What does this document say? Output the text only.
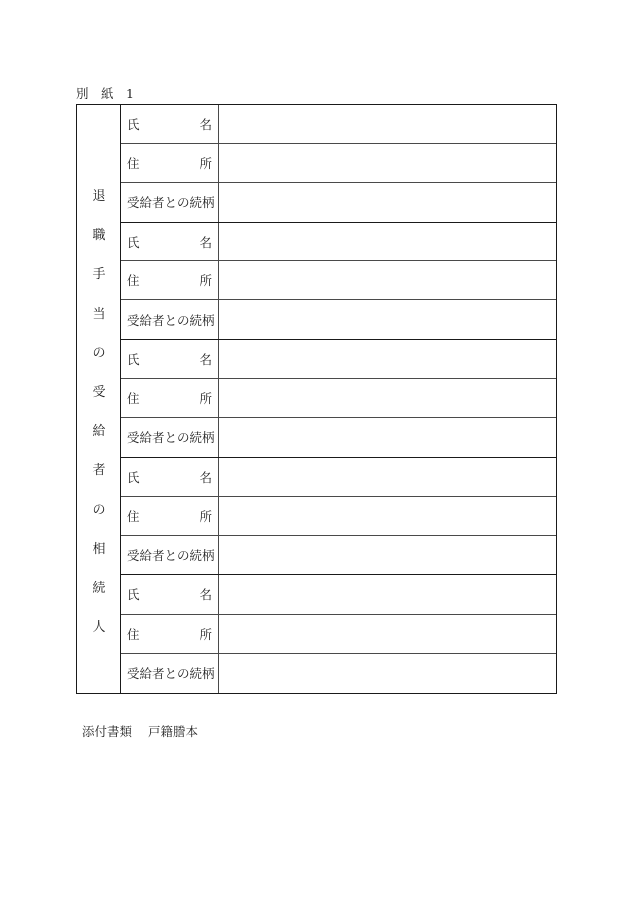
別　紙　1
退
職
手
当
の
受
給
者
の
相
続
人
氏	名
住	所
受給者との続柄
氏	名
住	所
受給者との続柄
氏	名
住	所
受給者との続柄
氏	名
住	所
受給者との続柄
氏	名
住	所
受給者との続柄
添付書類 戸籍謄本
